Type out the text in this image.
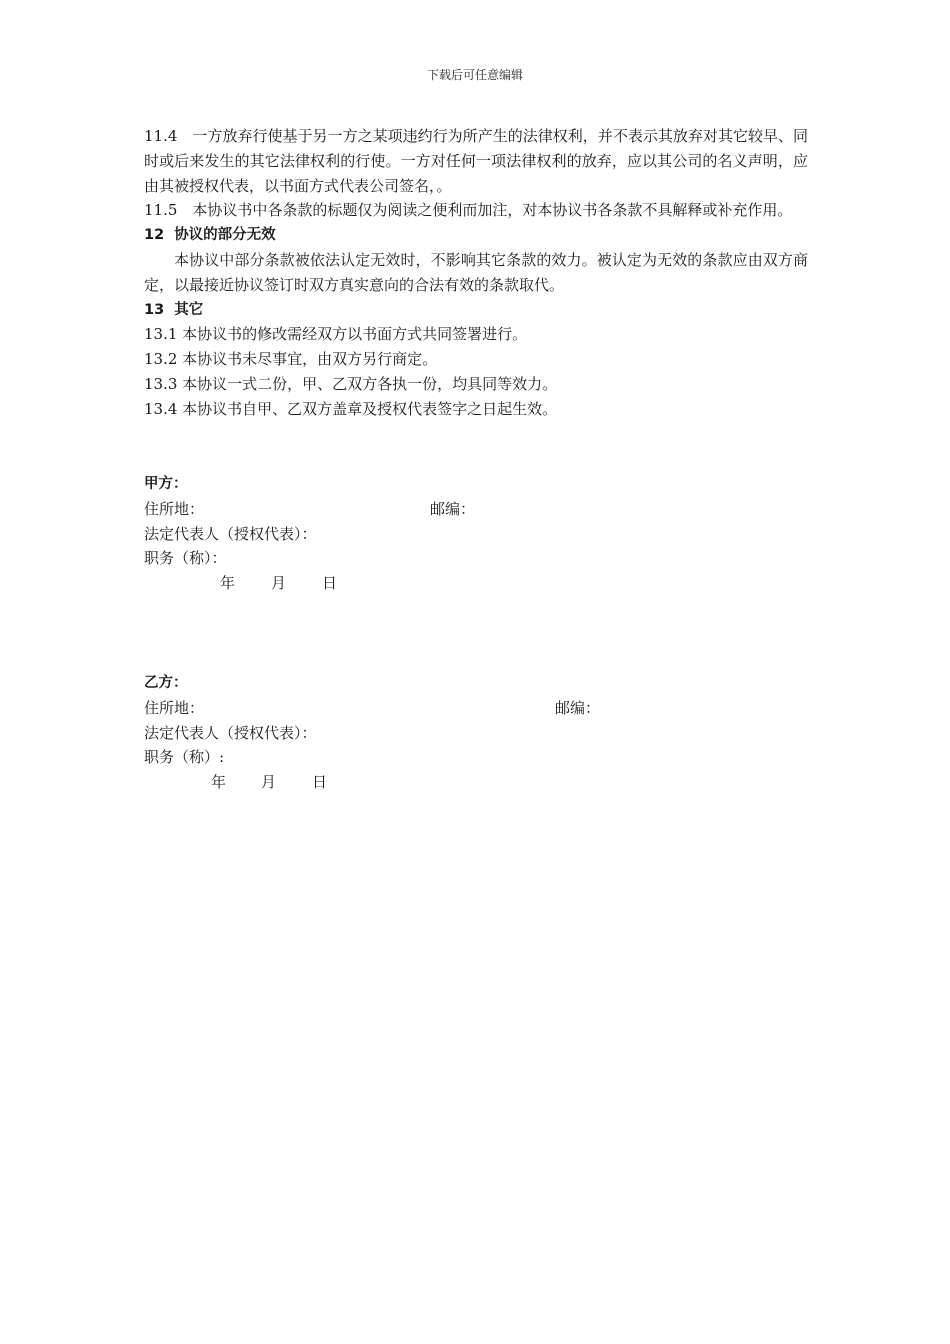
下载后可任意编辑

11.4　一方放弃行使基于另一方之某项违约行为所产生的法律权利，并不表示其放弃对其它较早、同时或后来发生的其它法律权利的行使。一方对任何一项法律权利的放弃，应以其公司的名义声明，应由其被授权代表，以书面方式代表公司签名，。

11.5　本协议书中各条款的标题仅为阅读之便利而加注，对本协议书各条款不具解释或补充作用。

12 协议的部分无效

本协议中部分条款被依法认定无效时，不影响其它条款的效力。被认定为无效的条款应由双方商定，以最接近协议签订时双方真实意向的合法有效的条款取代。

13 其它

13.1 本协议书的修改需经双方以书面方式共同签署进行。

13.2 本协议书未尽事宜，由双方另行商定。

13.3 本协议一式二份，甲、乙双方各执一份，均具同等效力。

13.4 本协议书自甲、乙双方盖章及授权代表签字之日起生效。

甲方：
住所地：	邮编：
法定代表人（授权代表）：
职务（称）：
年 月 日
乙方：
住所地：	邮编：
法定代表人（授权代表）：
职务（称）:
年 月 日
